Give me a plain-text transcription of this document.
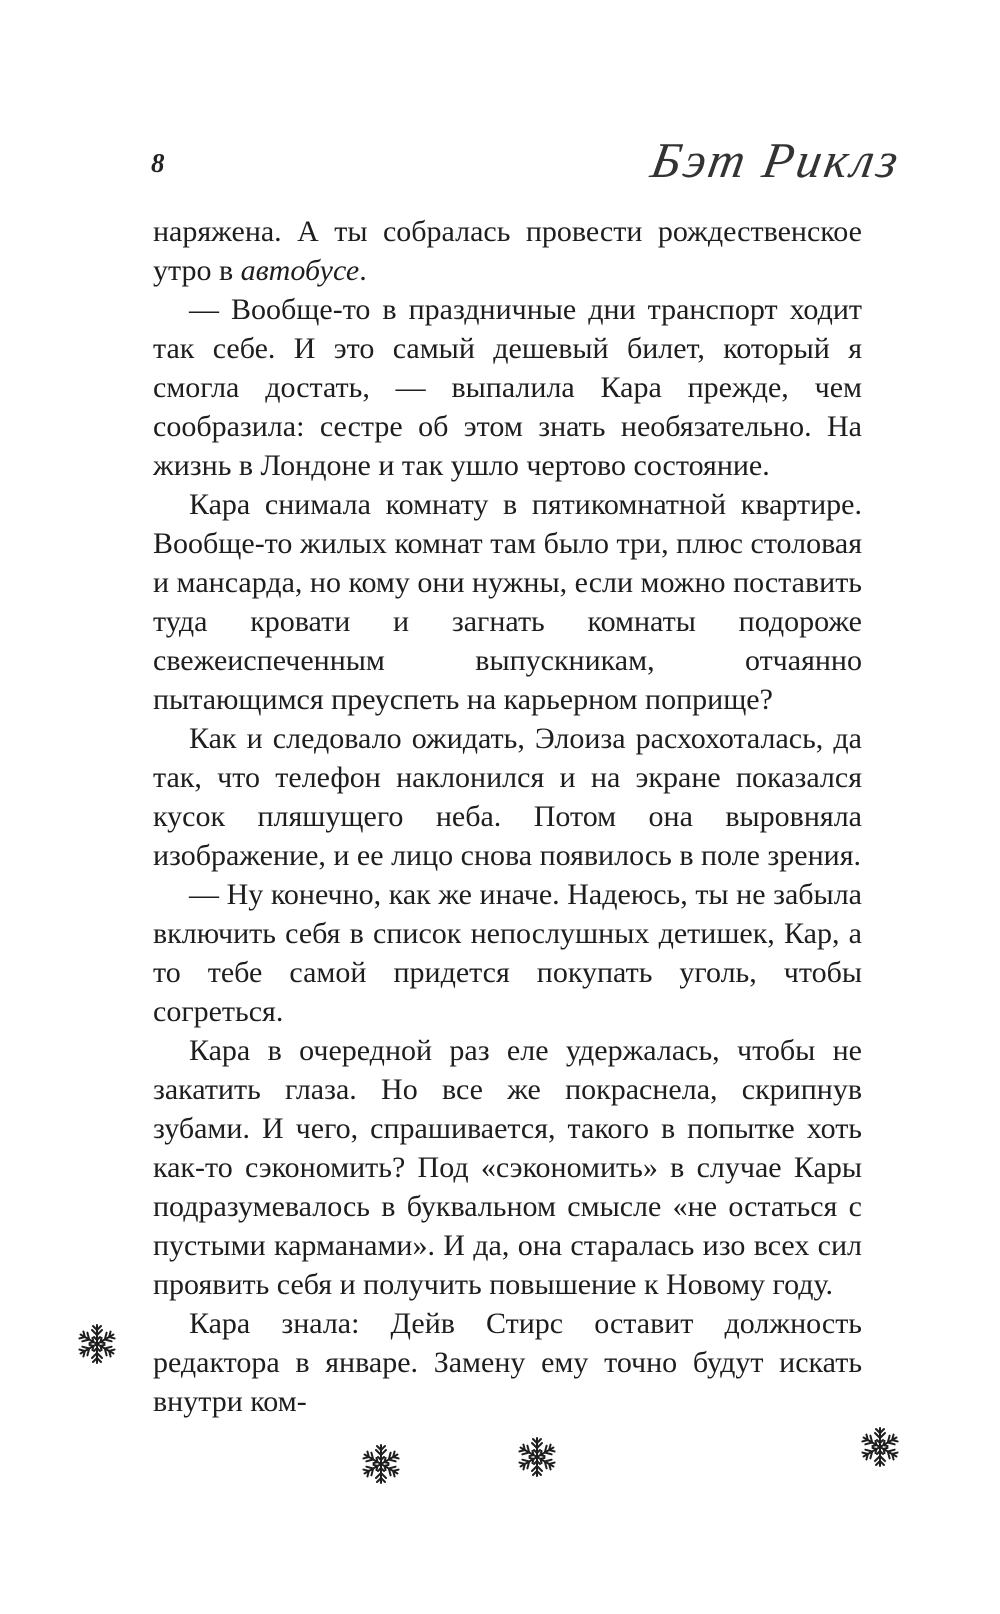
8	Бэт Риклз

наряжена. А ты собралась провести рождественское утро в автобусе.

— Вообще-то в праздничные дни транспорт ходит так себе. И это самый дешевый билет, который я смогла достать, — выпалила Кара прежде, чем сообразила: сестре об этом знать необязательно. На жизнь в Лондоне и так ушло чертово состояние.

Кара снимала комнату в пятикомнатной квартире. Вообще-то жилых комнат там было три, плюс столовая и мансарда, но кому они нужны, если можно поставить туда кровати и загнать комнаты подороже свежеиспеченным выпускникам, отчаянно пытающимся преуспеть на карьерном поприще?

Как и следовало ожидать, Элоиза расхохоталась, да так, что телефон наклонился и на экране показался кусок пляшущего неба. Потом она выровняла изображение, и ее лицо снова появилось в поле зрения.

— Ну конечно, как же иначе. Надеюсь, ты не забыла включить себя в список непослушных детишек, Кар, а то тебе самой придется покупать уголь, чтобы согреться.

Кара в очередной раз еле удержалась, чтобы не закатить глаза. Но все же покраснела, скрипнув зубами. И чего, спрашивается, такого в попытке хоть как-то сэкономить? Под «сэкономить» в случае Кары подразумевалось в буквальном смысле «не остаться с пустыми карманами». И да, она старалась изо всех сил проявить себя и получить повышение к Новому году.

Кара знала: Дейв Стирс оставит должность редактора в январе. Замену ему точно будут искать внутри ком-
